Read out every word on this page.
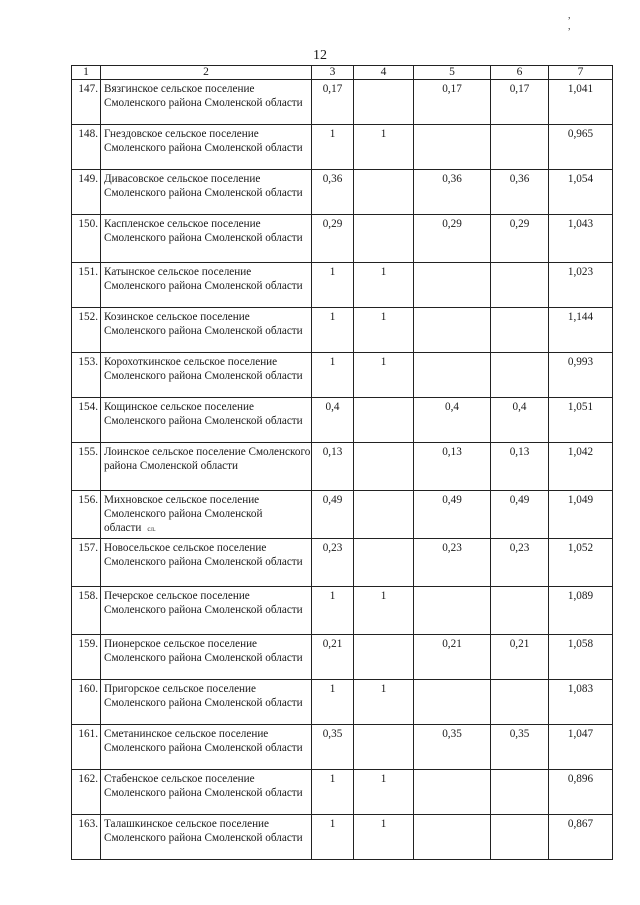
, ,
12
1	2	3	4	5	6	7
147.	Вязгинское сельское поселение Смоленского района Смоленской области	0,17		0,17	0,17	1,041
148.	Гнездовское сельское поселение Смоленского района Смоленской области	1	1			0,965
149.	Дивасовское сельское поселение Смоленского района Смоленской области	0,36		0,36	0,36	1,054
150.	Каспленское сельское поселение Смоленского района Смоленской области	0,29		0,29	0,29	1,043
151.	Катынское сельское поселение Смоленского района Смоленской области	1	1			1,023
152.	Козинское сельское поселение Смоленского района Смоленской области	1	1			1,144
153.	Корохоткинское сельское поселение Смоленского района Смоленской области	1	1			0,993
154.	Кощинское сельское поселение Смоленского района Смоленской области	0,4		0,4	0,4	1,051
155.	Лоинское сельское поселение Смоленского района Смоленской области	0,13		0,13	0,13	1,042
156.	Михновское сельское поселение Смоленского района Смоленской области сл.	0,49		0,49	0,49	1,049
157.	Новосельское сельское поселение Смоленского района Смоленской области	0,23		0,23	0,23	1,052
158.	Печерское сельское поселение Смоленского района Смоленской области	1	1			1,089
159.	Пионерское сельское поселение Смоленского района Смоленской области	0,21		0,21	0,21	1,058
160.	Пригорское сельское поселение Смоленского района Смоленской области	1	1			1,083
161.	Сметанинское сельское поселение Смоленского района Смоленской области	0,35		0,35	0,35	1,047
162.	Стабенское сельское поселение Смоленского района Смоленской области	1	1			0,896
163.	Талашкинское сельское поселение Смоленского района Смоленской области	1	1			0,867
